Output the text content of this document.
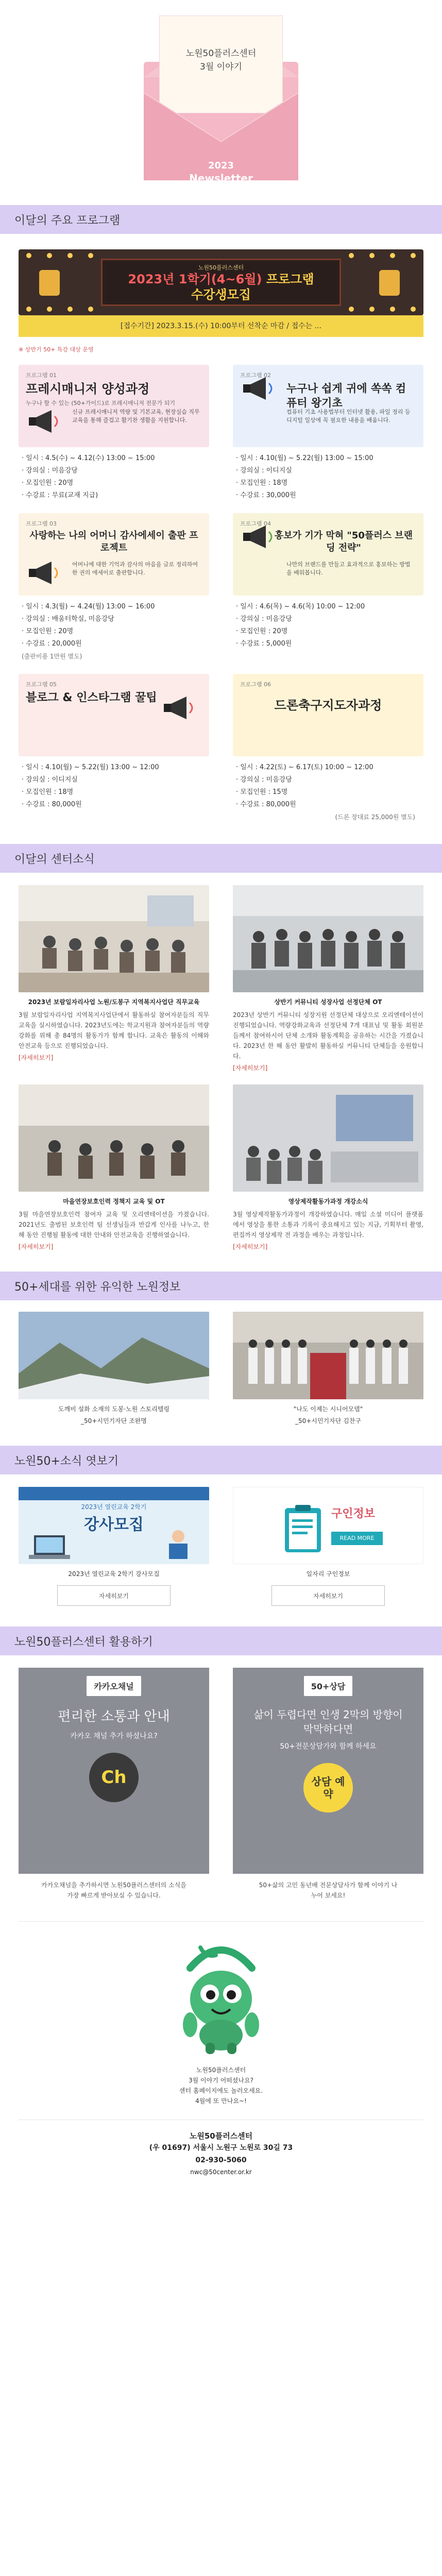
노원50플러스센터
3월 이야기
2023
Newsletter
이달의 주요 프로그램
노원50플러스센터
2023년 1학기(4~6월) 프로그램
수강생모집
[접수기간] 2023.3.15.(수) 10:00부터 선착순 마감 / 접수는 ...
※ 상반기 50+ 특강 대상 운영
프로그램 01
프레시매니저 양성과정
누구나 할 수 있는 (50+가이드)로 프레시매니저 전문가 되기
신규 프레시매니저 역량 및 기본교육, 현장실습 직무 교육을 통해 즐겁고 활기찬 생활을 지원합니다.
· 일시 : 4.5(수) ~ 4.12(수) 13:00 ~ 15:00
· 강의실 : 미음강당
· 모집인원 : 20명
· 수강료 : 무료(교재 지급)
프로그램 02
누구나 쉽게 귀에 쏙쏙 컴퓨터 왕기초
컴퓨터 기초 사용법부터 인터넷 활용, 파일 정리 등 디지털 일상에 꼭 필요한 내용을 배웁니다.
· 일시 : 4.10(월) ~ 5.22(월) 13:00 ~ 15:00
· 강의실 : 이디지실
· 모집인원 : 18명
· 수강료 : 30,000원
프로그램 03
사랑하는 나의 어머니 감사에세이 출판 프로젝트
어머니에 대한 기억과 감사의 마음을 글로 정리하여 한 권의 에세이로 출판합니다.
· 일시 : 4.3(월) ~ 4.24(월) 13:00 ~ 16:00
· 강의실 : 배움터학실, 미음강당
· 모집인원 : 20명
· 수강료 : 20,000원
(출판비용 1만원 별도)
프로그램 04
홍보가 기가 막혀 "50플러스 브랜딩 전략"
나만의 브랜드를 만들고 효과적으로 홍보하는 방법을 배워봅니다.
· 일시 : 4.6(목) ~ 4.6(목) 10:00 ~ 12:00
· 강의실 : 미음강당
· 모집인원 : 20명
· 수강료 : 5,000원
프로그램 05
블로그 & 인스타그램 꿀팁
· 일시 : 4.10(월) ~ 5.22(월) 13:00 ~ 12:00
· 강의실 : 이디지실
· 모집인원 : 18명
· 수강료 : 80,000원
프로그램 06
드론축구지도자과정
· 일시 : 4.22(토) ~ 6.17(토) 10:00 ~ 12:00
· 강의실 : 미음강당
· 모집인원 : 15명
· 수강료 : 80,000원
(드론 장대료 25,000원 별도)
이달의 센터소식
2023년 보람일자리사업 노원/도봉구 지역복지사업단 직무교육
3월 보람일자리사업 지역복지사업단에서 활동하실 참여자분들의 직무교육을 실시하였습니다. 2023년도에는 학교지원과 참여자분들의 역량 강화를 위해 총 84명의 활동가가 함께 합니다. 교육은 활동의 이해와 안전교육 등으로 진행되었습니다.
[자세히보기]
상반기 커뮤니티 성장사업 선정단체 OT
2023년 상반기 커뮤니티 성장지원 선정단체 대상으로 오리엔테이션이 진행되었습니다. 역량강화교육과 선정단체 7개 대표님 및 활동 회원분들께서 참여하시어 단체 소개와 활동계획을 공유하는 시간을 가졌습니다. 2023년 한 해 동안 활발히 활동하실 커뮤니티 단체들을 응원합니다.
[자세히보기]
마을연장보호인력 정책지 교육 및 OT
3월 마을연장보호인력 참여자 교육 및 오리엔테이션을 가졌습니다. 2021년도 출범된 보호인력 팀 선생님들과 반갑게 인사를 나누고, 한 해 동안 진행될 활동에 대한 안내와 안전교육을 진행하였습니다.
[자세히보기]
영상제작활동가과정 개강소식
3월 영상제작활동가과정이 개강하였습니다. 매일 소셜 미디어 플랫폼에서 영상을 통한 소통과 기록이 중요해지고 있는 지금, 기획부터 촬영, 편집까지 영상제작 전 과정을 배우는 과정입니다.
[자세히보기]
50+세대를 위한 유익한 노원정보
도깨비 설화 소재의 도봉·노원 스토리텔링
_50+시민기자단 조완명
"나도 이제는 시니어모델"
_50+시민기자단 김찬구
노원50+소식 엿보기
2023년 열린교육 2학기
강사모집
2023년 열린교육 2학기 강사모집
자세히보기
구인정보
READ MORE
일자리 구인정보
자세히보기
노원50플러스센터 활용하기
카카오채널
편리한 소통과 안내
카카오 채널 추가 하셨나요?
Ch
카카오채널을 추가하시면 노원50플러스센터의 소식을 가장 빠르게 받아보실 수 있습니다.
50+상담
삶이 두렵다면 인생 2막의 방향이 막막하다면
50+전문상담가와 함께 하세요
상담 예약
50+삶의 고민 동년배 전문상담사가 함께 이야기 나누어 보세요!
노원50플러스센터
3월 이야기 어떠셨나요?
센터 홈페이지에도 놀러오세요.
4월에 또 만나요~!
노원50플러스센터
(우 01697) 서울시 노원구 노원로 30길 73
02-930-5060
nwc@50center.or.kr
